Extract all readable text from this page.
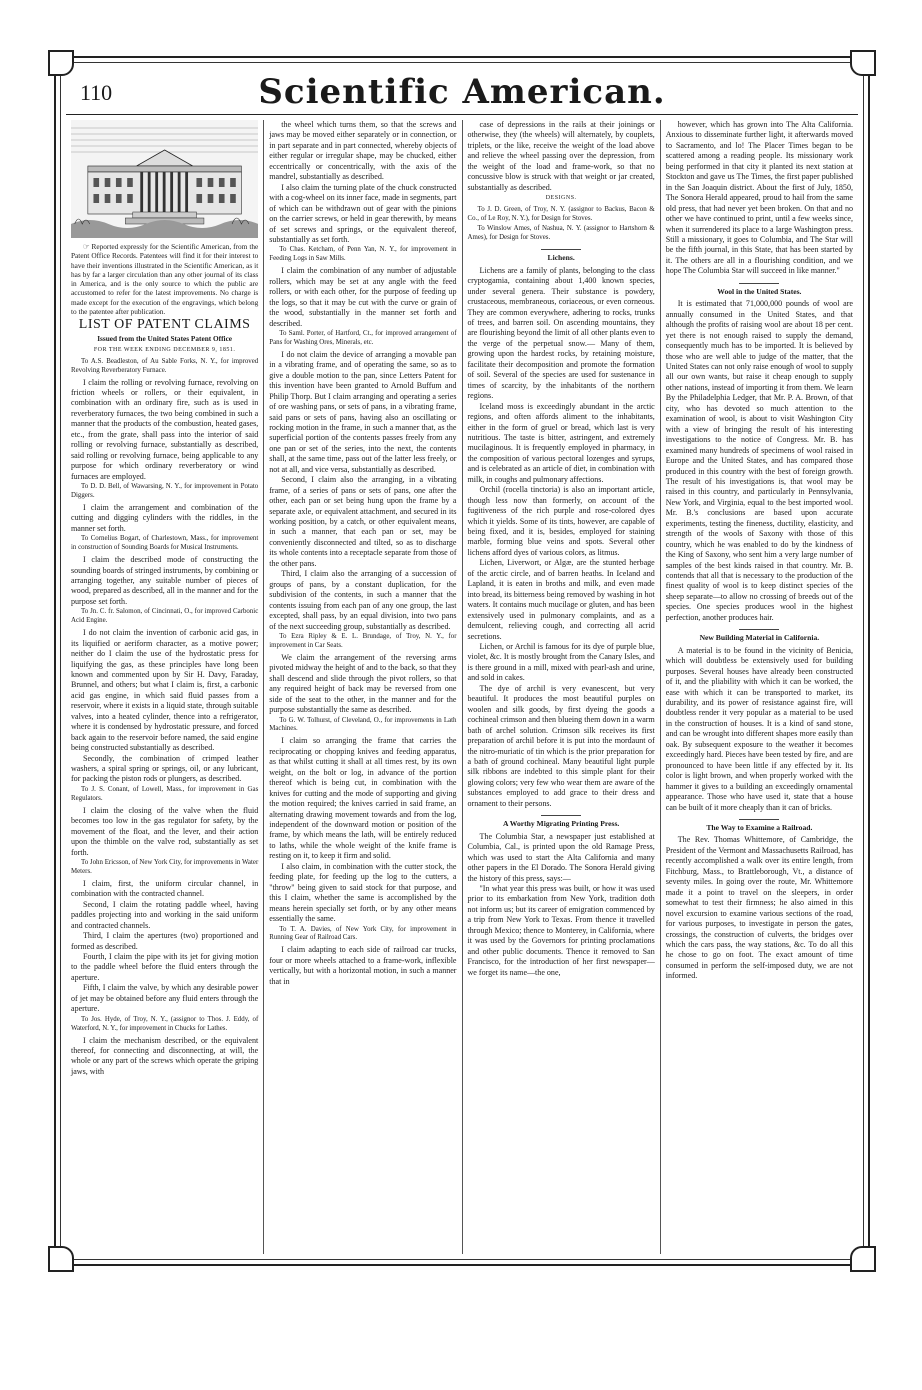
110	Scientific American.

☞ Reported expressly for the Scientific American, from the Patent Office Records. Patentees will find it for their interest to have their inventions illustrated in the Scientific American, as it has by far a larger circulation than any other journal of its class in America, and is the only source to which the public are accustomed to refer for the latest improvements. No charge is made except for the execution of the engravings, which belong to the patentee after publication.

LIST OF PATENT CLAIMS
Issued from the United States Patent Office
FOR THE WEEK ENDING DECEMBER 9, 1851.

To A.S. Beadleston, of Au Sable Forks, N. Y., for improved Revolving Reverberatory Furnace.

I claim the rolling or revolving furnace, revolving on friction wheels or rollers, or their equivalent, in combination with an ordinary fire, such as is used in reverberatory furnaces, the two being combined in such a manner that the products of the combustion, heated gases, etc., from the grate, shall pass into the interior of said rolling or revolving furnace, substantially as described, said rolling or revolving furnace, being applicable to any purpose for which ordinary reverberatory or wind furnaces are employed.

To D. D. Bell, of Wawarsing, N. Y., for improvement in Potato Diggers.

I claim the arrangement and combination of the cutting and digging cylinders with the riddles, in the manner set forth.

To Cornelius Bogart, of Charlestown, Mass., for improvement in construction of Sounding Boards for Musical Instruments.

I claim the described mode of constructing the sounding boards of stringed instruments, by combining or arranging together, any suitable number of pieces of wood, prepared as described, all in the manner and for the purpose set forth.

To Jn. C. fr. Salomon, of Cincinnati, O., for improved Carbonic Acid Engine.

I do not claim the invention of carbonic acid gas, in its liquified or aeriform character, as a motive power; neither do I claim the use of the hydrostatic press for liquifying the gas, as these principles have long been known and commented upon by Sir H. Davy, Faraday, Brunnel, and others; but what I claim is, first, a carbonic acid gas engine, in which said fluid passes from a reservoir, where it exists in a liquid state, through suitable valves, into a heated cylinder, thence into a refrigerator, where it is condensed by hydrostatic pressure, and forced back again to the reservoir before named, the said engine being constructed substantially as described.

Secondly, the combination of crimped leather washers, a spiral spring or springs, oil, or any lubricant, for packing the piston rods or plungers, as described.

To J. S. Conant, of Lowell, Mass., for improvement in Gas Regulators.

I claim the closing of the valve when the fluid becomes too low in the gas regulator for safety, by the movement of the float, and the lever, and their action upon the thimble on the valve rod, substantially as set forth.

To John Ericsson, of New York City, for improvements in Water Meters.

I claim, first, the uniform circular channel, in combination with the contracted channel.

Second, I claim the rotating paddle wheel, having paddles projecting into and working in the said uniform and contracted channels.

Third, I claim the apertures (two) proportioned and formed as described.

Fourth, I claim the pipe with its jet for giving motion to the paddle wheel before the fluid enters through the aperture.

Fifth, I claim the valve, by which any desirable power of jet may be obtained before any fluid enters through the aperture.

To Jos. Hyde, of Troy, N. Y., (assignor to Thos. J. Eddy, of Waterford, N. Y., for improvement in Chucks for Lathes.

I claim the mechanism described, or the equivalent thereof, for connecting and disconnecting, at will, the whole or any part of the screws which operate the griping jaws, with

the wheel which turns them, so that the screws and jaws may be moved either separately or in connection, or in part separate and in part connected, whereby objects of either regular or irregular shape, may be chucked, either eccentrically or concentrically, with the axis of the mandrel, substantially as described.

I also claim the turning plate of the chuck constructed with a cog-wheel on its inner face, made in segments, part of which can be withdrawn out of gear with the pinions on the carrier screws, or held in gear therewith, by means of set screws and springs, or the equivalent thereof, substantially as set forth.

To Chas. Ketcham, of Penn Yan, N. Y., for improvement in Feeding Logs in Saw Mills.

I claim the combination of any number of adjustable rollers, which may be set at any angle with the feed rollers, or with each other, for the purpose of feeding up the logs, so that it may be cut with the curve or grain of the wood, substantially in the manner set forth and described.

To Saml. Porter, of Hartford, Ct., for improved arrangement of Pans for Washing Ores, Minerals, etc.

I do not claim the device of arranging a movable pan in a vibrating frame, and of operating the same, so as to give a double motion to the pan, since Letters Patent for this invention have been granted to Arnold Buffum and Philip Thorp. But I claim arranging and operating a series of ore washing pans, or sets of pans, in a vibrating frame, said pans or sets of pans, having also an oscillating or rocking motion in the frame, in such a manner that, as the superficial portion of the contents passes freely from any one pan or set of the series, into the next, the contents shall, at the same time, pass out of the latter less freely, or not at all, and vice versa, substantially as described.

Second, I claim also the arranging, in a vibrating frame, of a series of pans or sets of pans, one after the other, each pan or set being hung upon the frame by a separate axle, or equivalent attachment, and secured in its working position, by a catch, or other equivalent means, in such a manner, that each pan or set, may be conveniently disconnected and tilted, so as to discharge its whole contents into a receptacle separate from those of the other pans.

Third, I claim also the arranging of a succession of groups of pans, by a constant duplication, for the subdivision of the contents, in such a manner that the contents issuing from each pan of any one group, the last excepted, shall pass, by an equal division, into two pans of the next succeeding group, substantially as described.

To Ezra Ripley & E. L. Brundage, of Troy, N. Y., for improvement in Car Seats.

We claim the arrangement of the reversing arms pivoted midway the height of and to the back, so that they shall descend and slide through the pivot rollers, so that any required height of back may be reversed from one side of the seat to the other, in the manner and for the purpose substantially the same as described.

To G. W. Tolhurst, of Cleveland, O., for improvements in Lath Machines.

I claim so arranging the frame that carries the reciprocating or chopping knives and feeding apparatus, as that whilst cutting it shall at all times rest, by its own weight, on the bolt or log, in advance of the portion thereof which is being cut, in combination with the knives for cutting and the mode of supporting and giving the motion required; the knives carried in said frame, an alternating drawing movement towards and from the log, independent of the downward motion or position of the frame, by which means the lath, will be entirely reduced to laths, while the whole weight of the knife frame is resting on it, to keep it firm and solid.

I also claim, in combination with the cutter stock, the feeding plate, for feeding up the log to the cutters, a "throw" being given to said stock for that purpose, and this I claim, whether the same is accomplished by the means herein specially set forth, or by any other means essentially the same.

To T. A. Davies, of New York City, for improvement in Running Gear of Railroad Cars.

I claim adapting to each side of railroad car trucks, four or more wheels attached to a frame-work, inflexible vertically, but with a horizontal motion, in such a manner that in

case of depressions in the rails at their joinings or otherwise, they (the wheels) will alternately, by couplets, triplets, or the like, receive the weight of the load above and relieve the wheel passing over the depression, from the weight of the load and frame-work, so that no concussive blow is struck with that weight or jar created, substantially as described.

DESIGNS.

To J. D. Green, of Troy, N. Y. (assignor to Backus, Bacon & Co., of Le Roy, N. Y.), for Design for Stoves.

To Winslow Ames, of Nashua, N. Y. (assignor to Hartshorn & Ames), for Design for Stoves.

Lichens.

Lichens are a family of plants, belonging to the class cryptogamia, containing about 1,400 known species, under several genera. Their substance is powdery, crustaceous, membraneous, coriaceous, or even corneous. They are common everywhere, adhering to rocks, trunks of trees, and barren soil. On ascending mountains, they are flourishing beyond the limit of all other plants even to the verge of the perpetual snow.— Many of them, growing upon the hardest rocks, by retaining moisture, facilitate their decomposition and promote the formation of soil. Several of the species are used for sustenance in times of scarcity, by the inhabitants of the northern regions.

Iceland moss is exceedingly abundant in the arctic regions, and often affords aliment to the inhabitants, either in the form of gruel or bread, which last is very nutritious. The taste is bitter, astringent, and extremely mucilaginous. It is frequently employed in pharmacy, in the composition of various pectoral lozenges and syrups, and is celebrated as an article of diet, in combination with milk, in coughs and pulmonary affections.

Orchil (rocella tinctoria) is also an important article, though less now than formerly, on account of the fugitiveness of the rich purple and rose-colored dyes which it yields. Some of its tints, however, are capable of being fixed, and it is, besides, employed for staining marble, forming blue veins and spots. Several other lichens afford dyes of various colors, as litmus.

Lichen, Liverwort, or Algæ, are the stunted herbage of the arctic circle, and of barren heaths. In Iceland and Lapland, it is eaten in broths and milk, and even made into bread, its bitterness being removed by washing in hot waters. It contains much mucilage or gluten, and has been extensively used in pulmonary complaints, and as a demulcent, relieving cough, and correcting all acrid secretions.

Lichen, or Archil is famous for its dye of purple blue, violet, &c. It is mostly brought from the Canary Isles, and is there ground in a mill, mixed with pearl-ash and urine, and sold in cakes.

The dye of archil is very evanescent, but very beautiful. It produces the most beautiful purples on woolen and silk goods, by first dyeing the goods a cochineal crimson and then blueing them down in a warm bath of archel solution. Crimson silk receives its first preparation of archil before it is put into the mordaunt of the nitro-muriatic of tin which is the prior preparation for a bath of ground cochineal. Many beautiful light purple silk ribbons are indebted to this simple plant for their glowing colors; very few who wear them are aware of the substances employed to add grace to their dress and ornament to their persons.

A Worthy Migrating Printing Press.

The Columbia Star, a newspaper just established at Columbia, Cal., is printed upon the old Ramage Press, which was used to start the Alta California and many other papers in the El Dorado. The Sonora Herald giving the history of this press, says:—

"In what year this press was built, or how it was used prior to its embarkation from New York, tradition doth not inform us; but its career of emigration commenced by a trip from New York to Texas. From thence it travelled through Mexico; thence to Monterey, in California, where it was used by the Governors for printing proclamations and other public documents. Thence it removed to San Francisco, for the introduction of her first newspaper—we forget its name—the one,

however, which has grown into The Alta California. Anxious to disseminate further light, it afterwards moved to Sacramento, and lo! The Placer Times began to be scattered among a reading people. Its missionary work being performed in that city it planted its next station at Stockton and gave us The Times, the first paper published in the San Joaquin district. About the first of July, 1850, The Sonora Herald appeared, proud to hail from the same old press, that had never yet been broken. On that and no other we have continued to print, until a few weeks since, when it surrendered its place to a large Washington press. Still a missionary, it goes to Columbia, and The Star will be the fifth journal, in this State, that has been started by it. The others are all in a flourishing condition, and we hope The Columbia Star will succeed in like manner."

Wool in the United States.

It is estimated that 71,000,000 pounds of wool are annually consumed in the United States, and that although the profits of raising wool are about 18 per cent. yet there is not enough raised to supply the demand, consequently much has to be imported. It is believed by those who are well able to judge of the matter, that the United States can not only raise enough of wool to supply all our own wants, but raise it cheap enough to supply other nations, instead of importing it from them. We learn By the Philadelphia Ledger, that Mr. P. A. Brown, of that city, who has devoted so much attention to the examination of wool, is about to visit Washington City with a view of bringing the result of his interesting investigations to the notice of Congress. Mr. B. has examined many hundreds of specimens of wool raised in Europe and the United States, and has compared those produced in this country with the best of foreign growth. The result of his investigations is, that wool may be raised in this country, and particularly in Pennsylvania, New York, and Virginia, equal to the best imported wool. Mr. B.'s conclusions are based upon accurate experiments, testing the fineness, ductility, elasticity, and strength of the wools of Saxony with those of this country, which he was enabled to do by the kindness of the King of Saxony, who sent him a very large number of samples of the best kinds raised in that country. Mr. B. contends that all that is necessary to the production of the finest quality of wool is to keep distinct species of the sheep separate—to allow no crossing of breeds out of the species. One species produces wool in the highest perfection, another produces hair.

New Building Material in California.

A material is to be found in the vicinity of Benicia, which will doubtless be extensively used for building purposes. Several houses have already been constructed of it, and the pliability with which it can be worked, the ease with which it can be transported to market, its durability, and its power of resistance against fire, will doubtless render it very popular as a material to be used in the construction of houses. It is a kind of sand stone, and can be wrought into different shapes more easily than oak. By subsequent exposure to the weather it becomes exceedingly hard. Pieces have been tested by fire, and are pronounced to have been little if any effected by it. Its color is light brown, and when properly worked with the hammer it gives to a building an exceedingly ornamental appearance. Those who have used it, state that a house can be built of it more cheaply than it can of bricks.

The Way to Examine a Railroad.

The Rev. Thomas Whittemore, of Cambridge, the President of the Vermont and Massachusetts Railroad, has recently accomplished a walk over its entire length, from Fitchburg, Mass., to Brattleborough, Vt., a distance of seventy miles. In going over the route, Mr. Whittemore made it a point to travel on the sleepers, in order somewhat to test their firmness; he also aimed in this novel excursion to examine various sections of the road, for various purposes, to investigate in person the gates, crossings, the construction of culverts, the bridges over which the cars pass, the way stations, &c. To do all this he chose to go on foot. The exact amount of time consumed in perform the self-imposed duty, we are not informed.
